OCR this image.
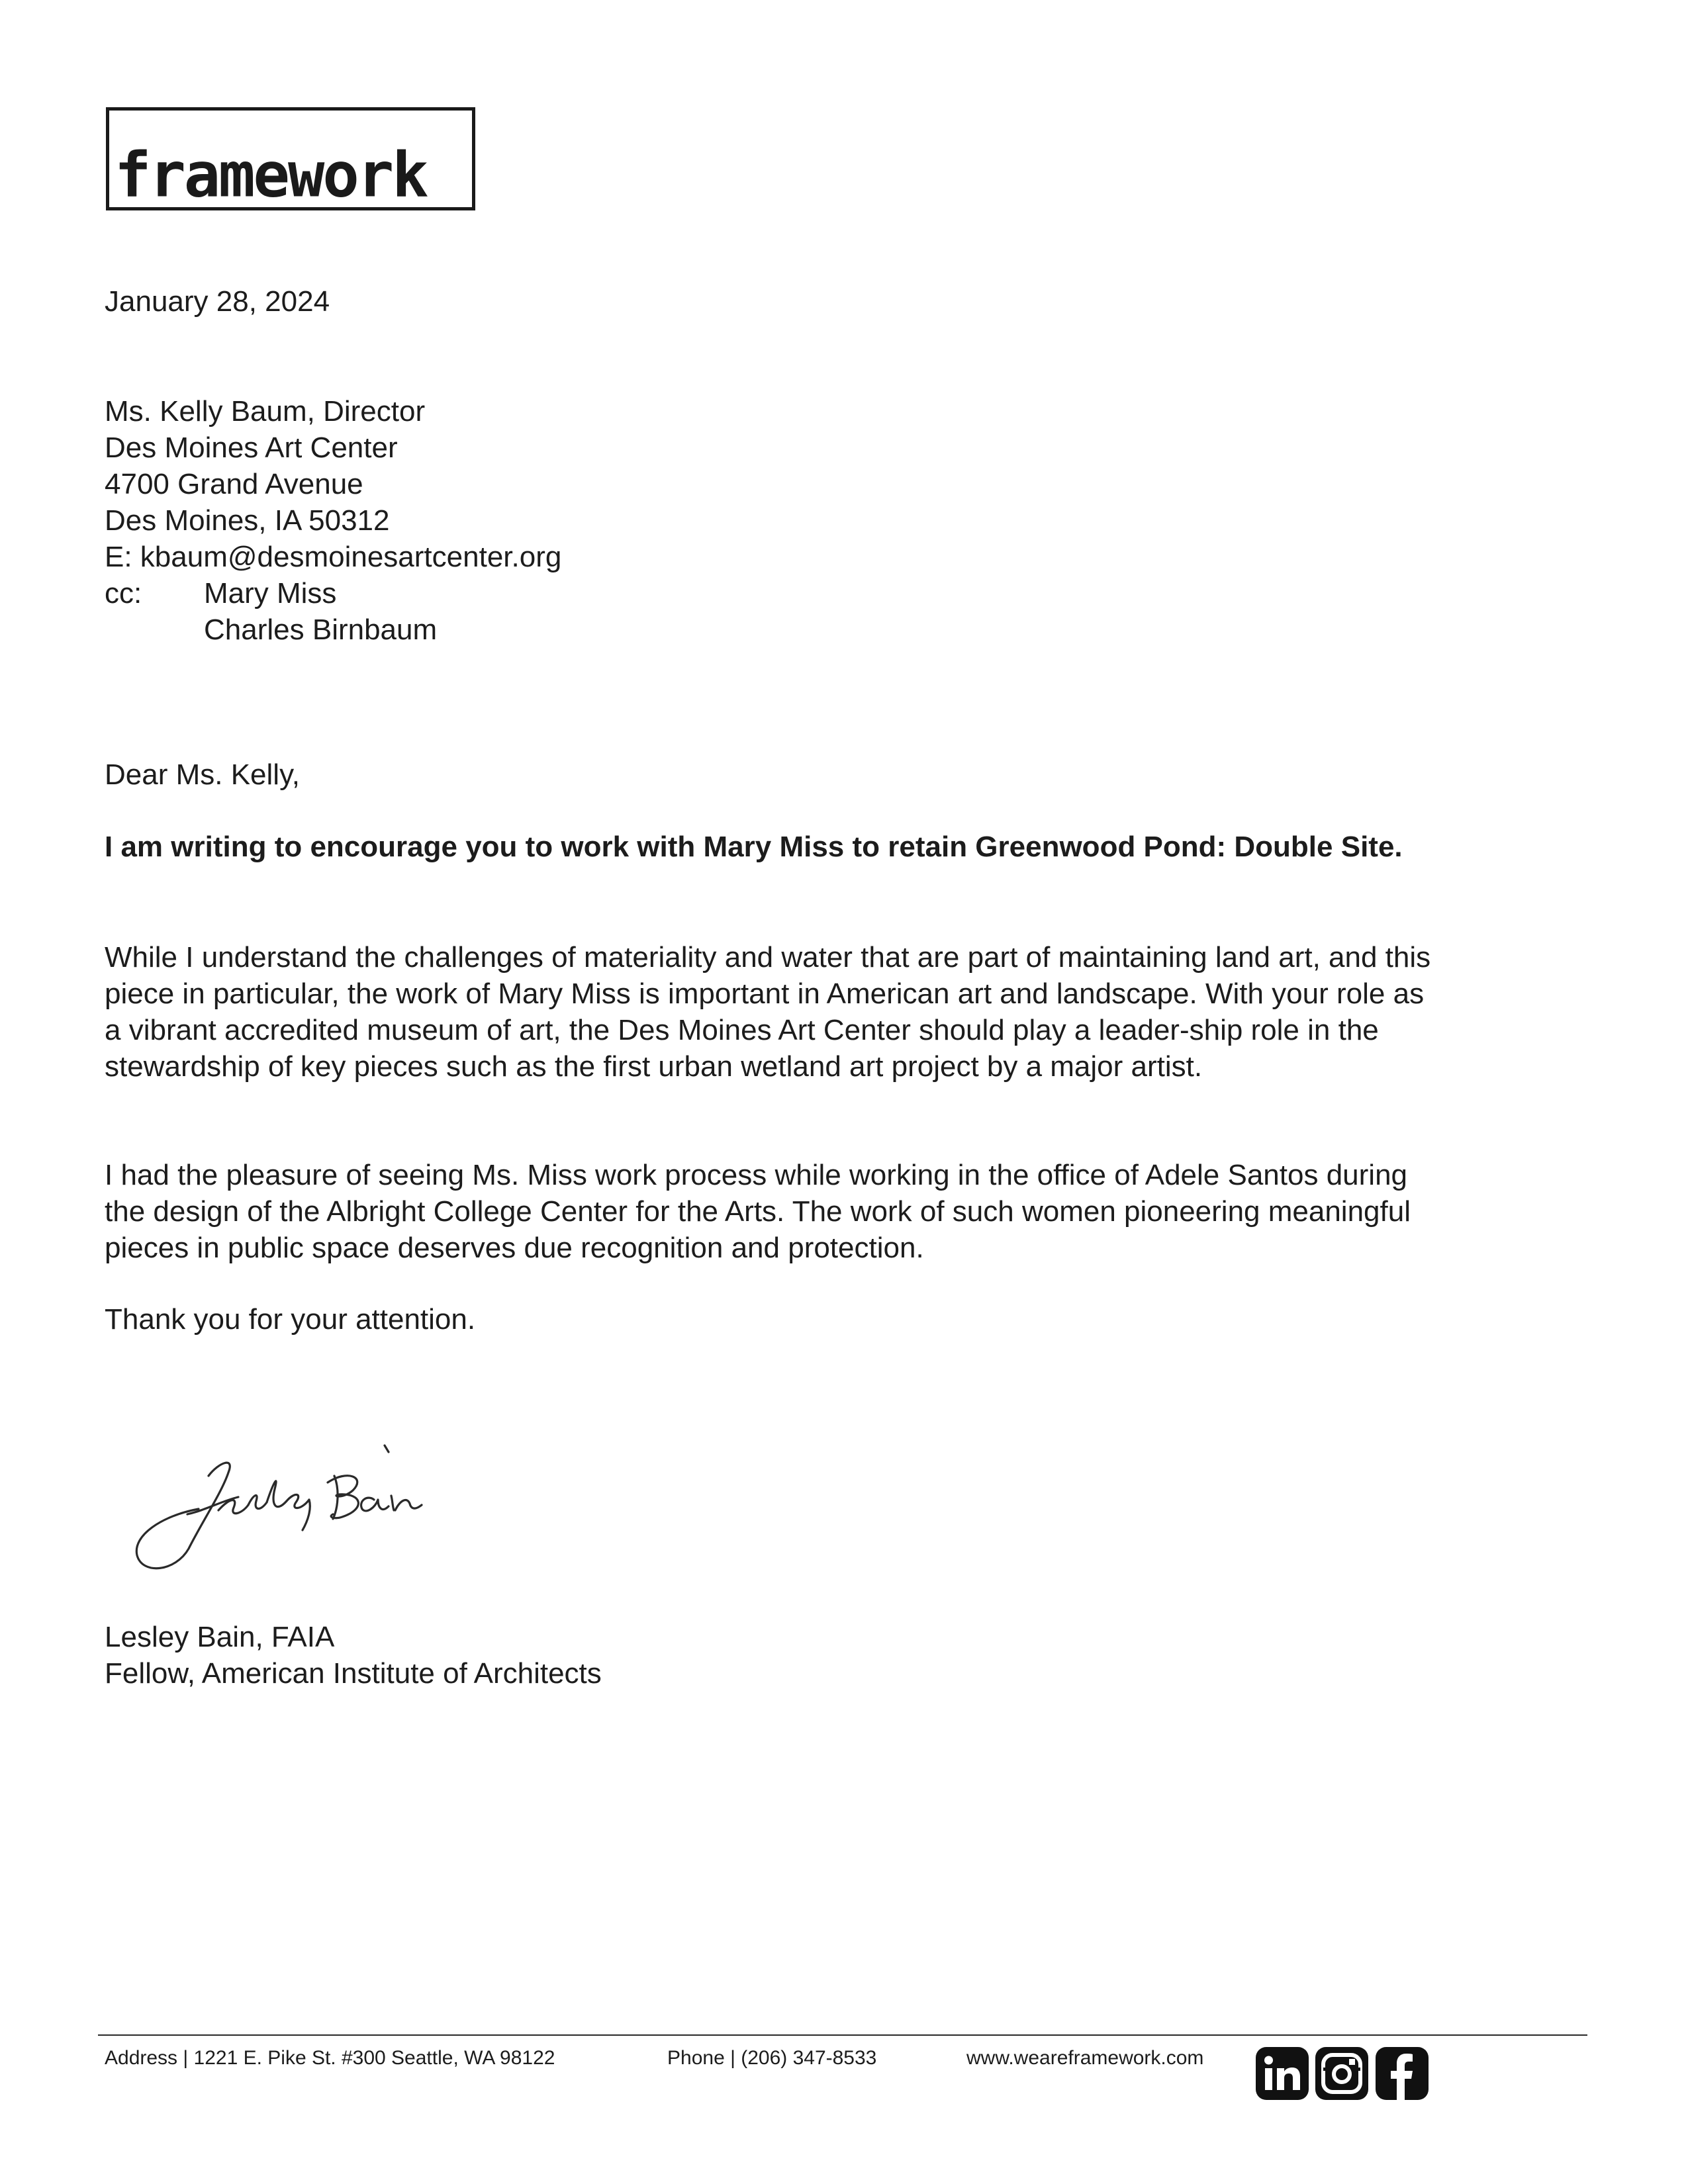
framework
January 28, 2024
Ms. Kelly Baum, Director
Des Moines Art Center
4700 Grand Avenue
Des Moines, IA 50312
E: kbaum@desmoinesartcenter.org
cc:	Mary Miss
Charles Birnbaum
Dear Ms. Kelly,
I am writing to encourage you to work with Mary Miss to retain Greenwood Pond: Double Site.
While I understand the challenges of materiality and water that are part of maintaining land art, and this piece in particular, the work of Mary Miss is important in American art and landscape. With your role as a vibrant accredited museum of art, the Des Moines Art Center should play a leader-ship role in the stewardship of key pieces such as the first urban wetland art project by a major artist.
I had the pleasure of seeing Ms. Miss work process while working in the office of Adele Santos during the design of the Albright College Center for the Arts. The work of such women pioneering meaningful pieces in public space deserves due recognition and protection.
Thank you for your attention.
Lesley Bain, FAIA
Fellow, American Institute of Architects
Address | 1221 E. Pike St. #300 Seattle, WA 98122	Phone | (206) 347-8533	www.weareframework.com
